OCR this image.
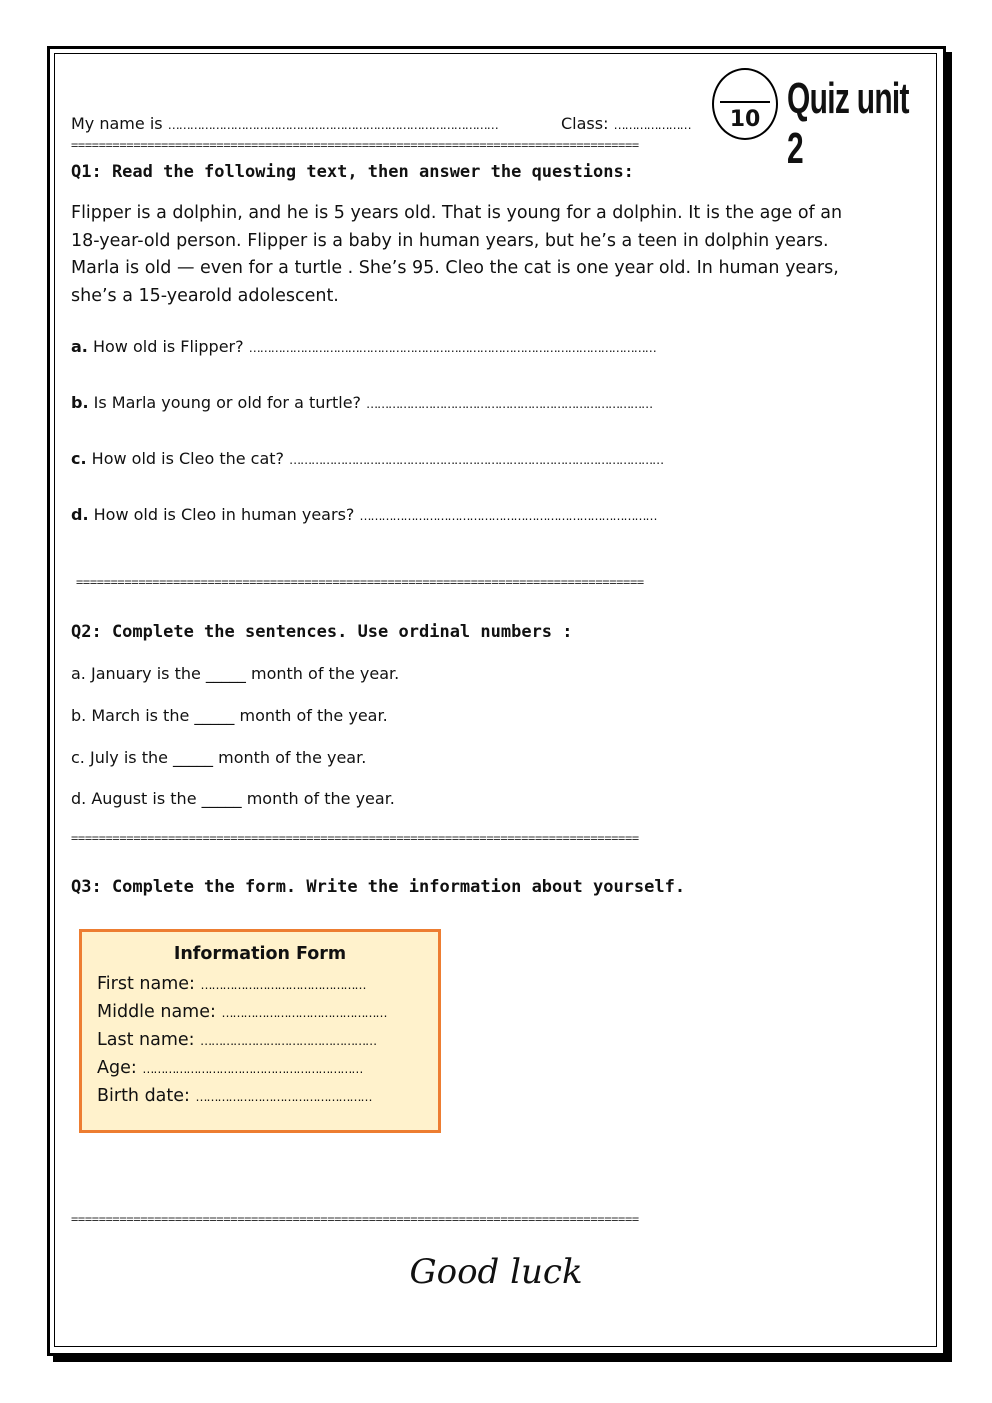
My name is ………………………………………………………………………………	Class: …………………	10 Quiz unit 2
==================================================================================
Q1: Read the following text, then answer the questions:
Flipper is a dolphin, and he is 5 years old. That is young for a dolphin. It is the age of an
18-year-old person. Flipper is a baby in human years, but he’s a teen in dolphin years.
Marla is old — even for a turtle . She’s 95. Cleo the cat is one year old. In human years,
she’s a 15-yearold adolescent.
a. How old is Flipper? …………………………………………………………………………………………………
b. Is Marla young or old for a turtle? ……………………………………………………………………
c. How old is Cleo the cat? …………………………………………………………………………………………
d. How old is Cleo in human years? ………………………………………………………………………
==================================================================================
Q2: Complete the sentences. Use ordinal numbers :
a. January is the _____ month of the year.
b. March is the _____ month of the year.
c. July is the _____ month of the year.
d. August is the _____ month of the year.
==================================================================================
Q3: Complete the form. Write the information about yourself.
Information Form
First name: ………………………………………
Middle name: ………………………………………
Last name: …………………………………………
Age: ……………………………………………………
Birth date: …………………………………………
==================================================================================
Good luck
